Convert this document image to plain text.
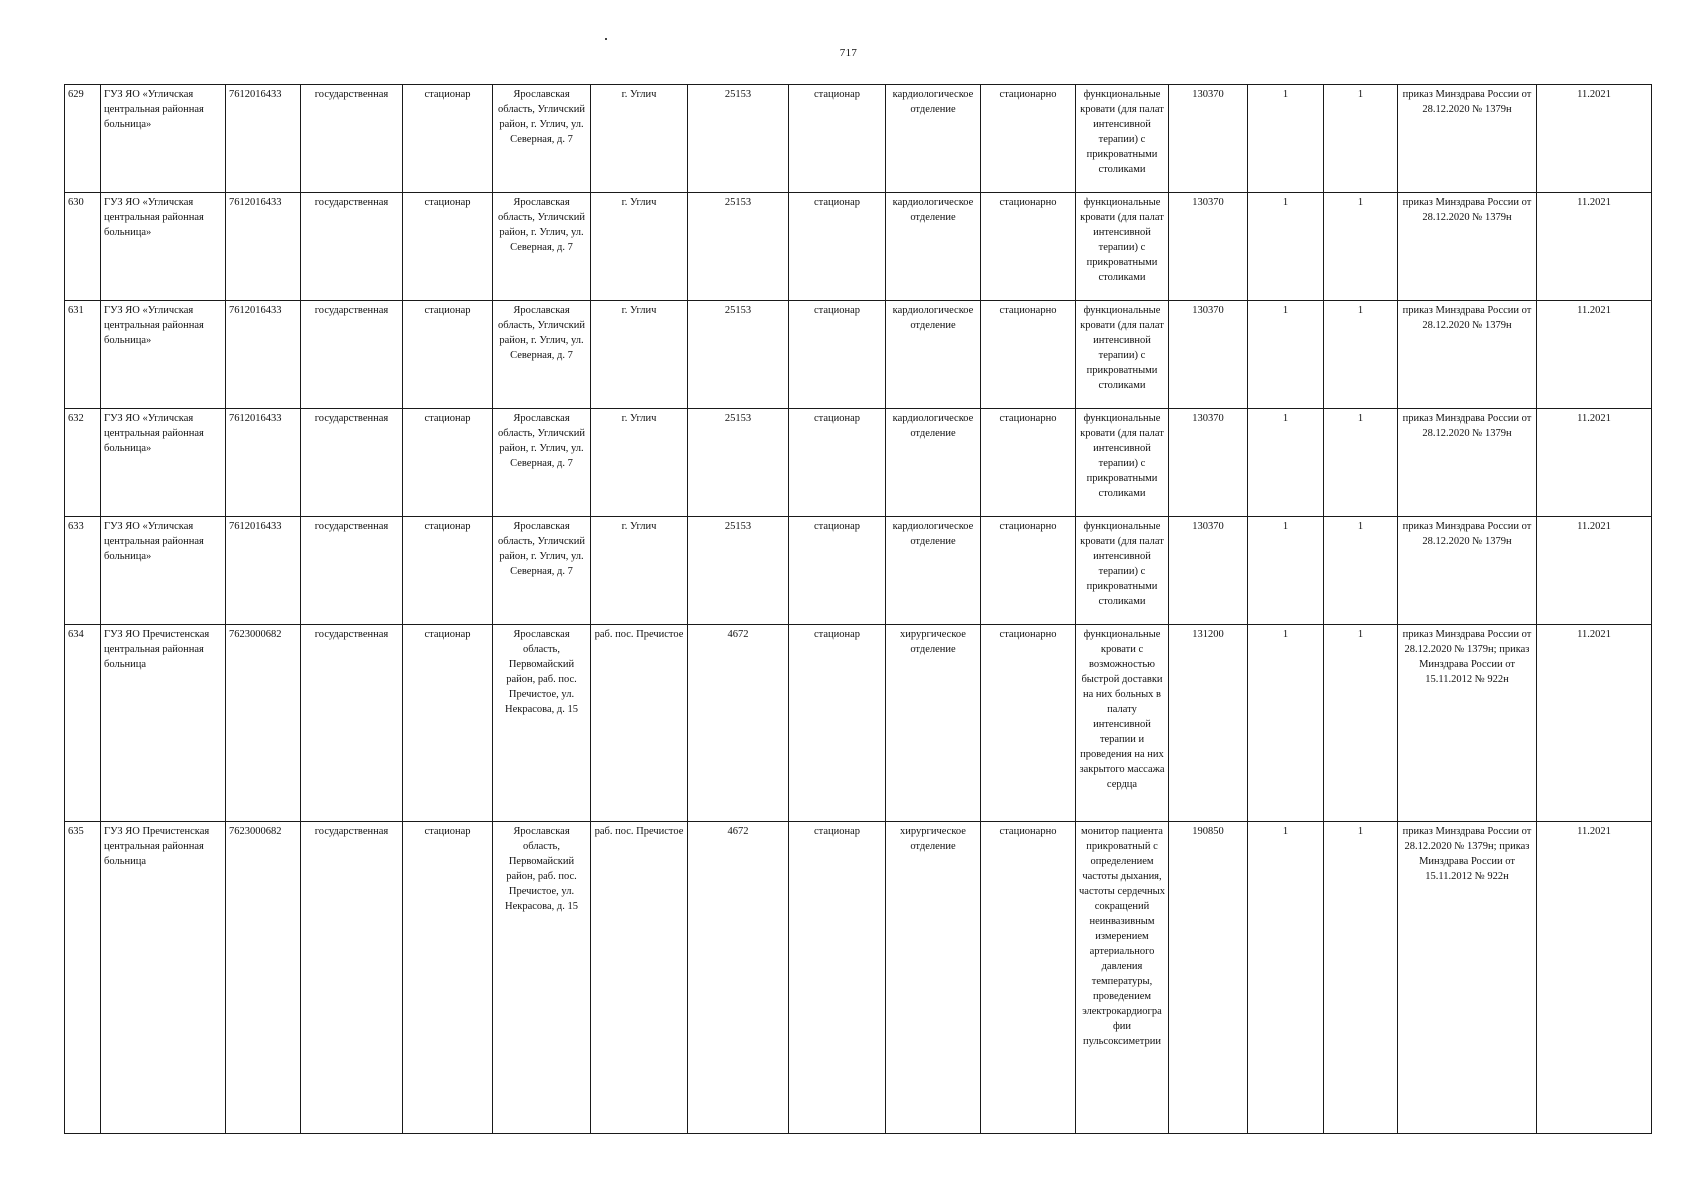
717
629	ГУЗ ЯО «Угличская центральная районная больница»	7612016433	государственная	стационар	Ярославская область, Угличский район, г. Углич, ул. Северная, д. 7	г. Углич	25153	стационар	кардиологическое отделение	стационарно	функциональные кровати (для палат интенсивной терапии) с прикроватными столиками	130370	1	1	приказ Минздрава России от 28.12.2020 № 1379н	11.2021
630	ГУЗ ЯО «Угличская центральная районная больница»	7612016433	государственная	стационар	Ярославская область, Угличский район, г. Углич, ул. Северная, д. 7	г. Углич	25153	стационар	кардиологическое отделение	стационарно	функциональные кровати (для палат интенсивной терапии) с прикроватными столиками	130370	1	1	приказ Минздрава России от 28.12.2020 № 1379н	11.2021
631	ГУЗ ЯО «Угличская центральная районная больница»	7612016433	государственная	стационар	Ярославская область, Угличский район, г. Углич, ул. Северная, д. 7	г. Углич	25153	стационар	кардиологическое отделение	стационарно	функциональные кровати (для палат интенсивной терапии) с прикроватными столиками	130370	1	1	приказ Минздрава России от 28.12.2020 № 1379н	11.2021
632	ГУЗ ЯО «Угличская центральная районная больница»	7612016433	государственная	стационар	Ярославская область, Угличский район, г. Углич, ул. Северная, д. 7	г. Углич	25153	стационар	кардиологическое отделение	стационарно	функциональные кровати (для палат интенсивной терапии) с прикроватными столиками	130370	1	1	приказ Минздрава России от 28.12.2020 № 1379н	11.2021
633	ГУЗ ЯО «Угличская центральная районная больница»	7612016433	государственная	стационар	Ярославская область, Угличский район, г. Углич, ул. Северная, д. 7	г. Углич	25153	стационар	кардиологическое отделение	стационарно	функциональные кровати (для палат интенсивной терапии) с прикроватными столиками	130370	1	1	приказ Минздрава России от 28.12.2020 № 1379н	11.2021
634	ГУЗ ЯО Пречистенская центральная районная больница	7623000682	государственная	стационар	Ярославская область, Первомайский район, раб. пос. Пречистое, ул. Некрасова, д. 15	раб. пос. Пречистое	4672	стационар	хирургическое отделение	стационарно	функциональные кровати с возможностью быстрой доставки на них больных в палату интенсивной терапии и проведения на них закрытого массажа сердца	131200	1	1	приказ Минздрава России от 28.12.2020 № 1379н; приказ Минздрава России от 15.11.2012 № 922н	11.2021
635	ГУЗ ЯО Пречистенская центральная районная больница	7623000682	государственная	стационар	Ярославская область, Первомайский район, раб. пос. Пречистое, ул. Некрасова, д. 15	раб. пос. Пречистое	4672	стационар	хирургическое отделение	стационарно	монитор пациента прикроватный с определением частоты дыхания, частоты сердечных сокращений неинвазивным измерением артериального давления температуры, проведением электрокардиографии пульсоксиметрии	190850	1	1	приказ Минздрава России от 28.12.2020 № 1379н; приказ Минздрава России от 15.11.2012 № 922н	11.2021
